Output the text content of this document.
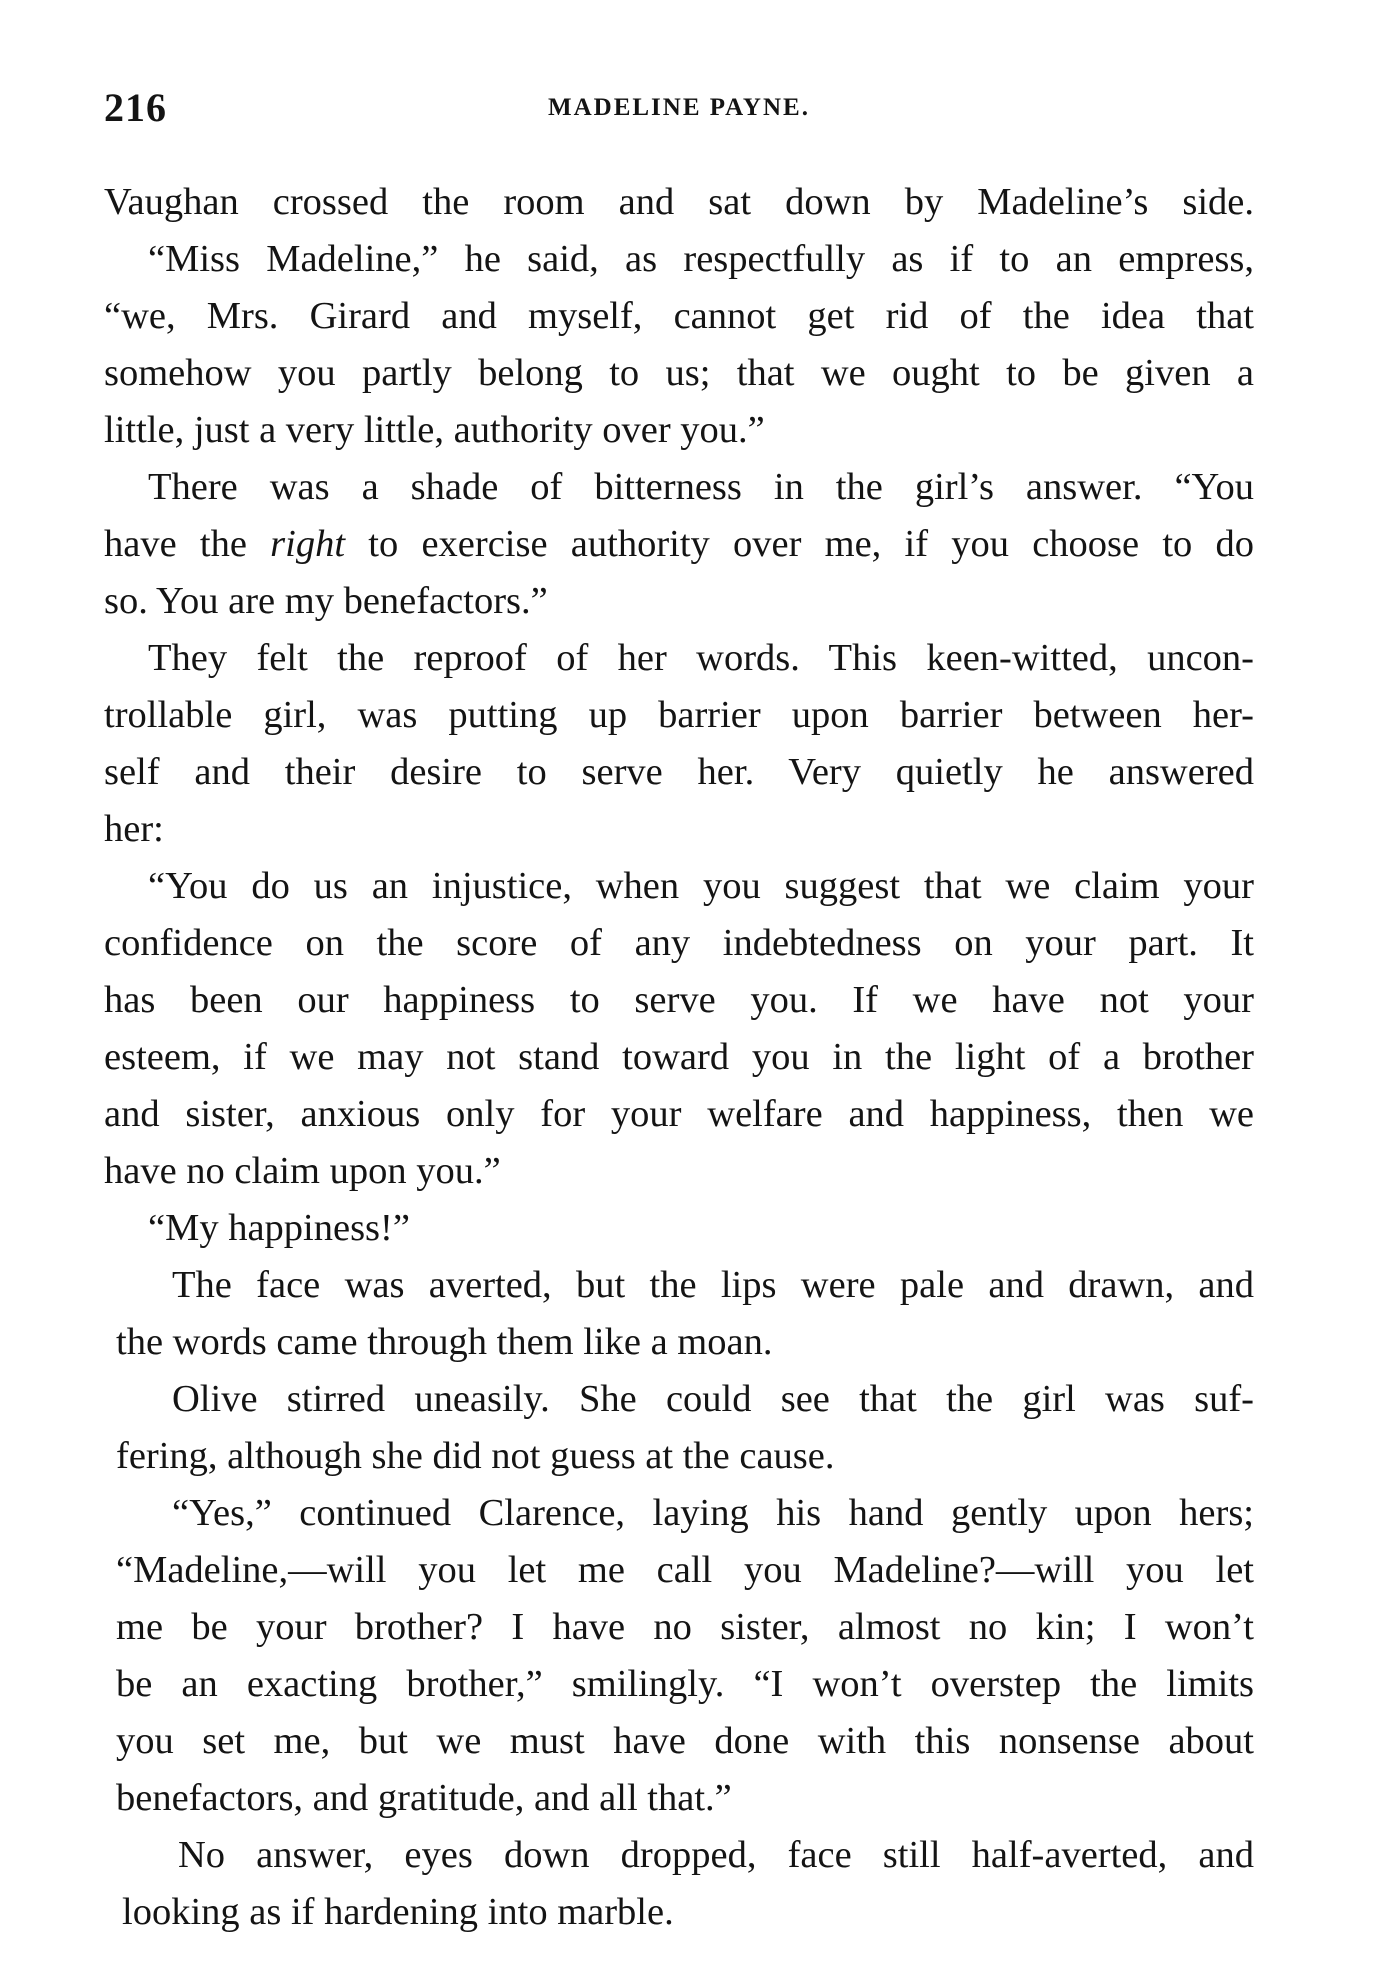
216	MADELINE PAYNE.
Vaughan crossed the room and sat down by Madeline’s side.
“Miss Madeline,” he said, as respectfully as if to an empress,
“we, Mrs. Girard and myself, cannot get rid of the idea that
somehow you partly belong to us; that we ought to be given a
little, just a very little, authority over you.”
There was a shade of bitterness in the girl’s answer. “You
have the right to exercise authority over me, if you choose to do
so. You are my benefactors.”
They felt the reproof of her words. This keen-witted, uncon-
trollable girl, was putting up barrier upon barrier between her-
self and their desire to serve her. Very quietly he answered
her:
“You do us an injustice, when you suggest that we claim your
confidence on the score of any indebtedness on your part. It
has been our happiness to serve you. If we have not your
esteem, if we may not stand toward you in the light of a brother
and sister, anxious only for your welfare and happiness, then we
have no claim upon you.”
“My happiness!”
The face was averted, but the lips were pale and drawn, and
the words came through them like a moan.
Olive stirred uneasily. She could see that the girl was suf-
fering, although she did not guess at the cause.
“Yes,” continued Clarence, laying his hand gently upon hers;
“Madeline,—will you let me call you Madeline?—will you let
me be your brother? I have no sister, almost no kin; I won’t
be an exacting brother,” smilingly. “I won’t overstep the limits
you set me, but we must have done with this nonsense about
benefactors, and gratitude, and all that.”
No answer, eyes down dropped, face still half-averted, and
looking as if hardening into marble.
